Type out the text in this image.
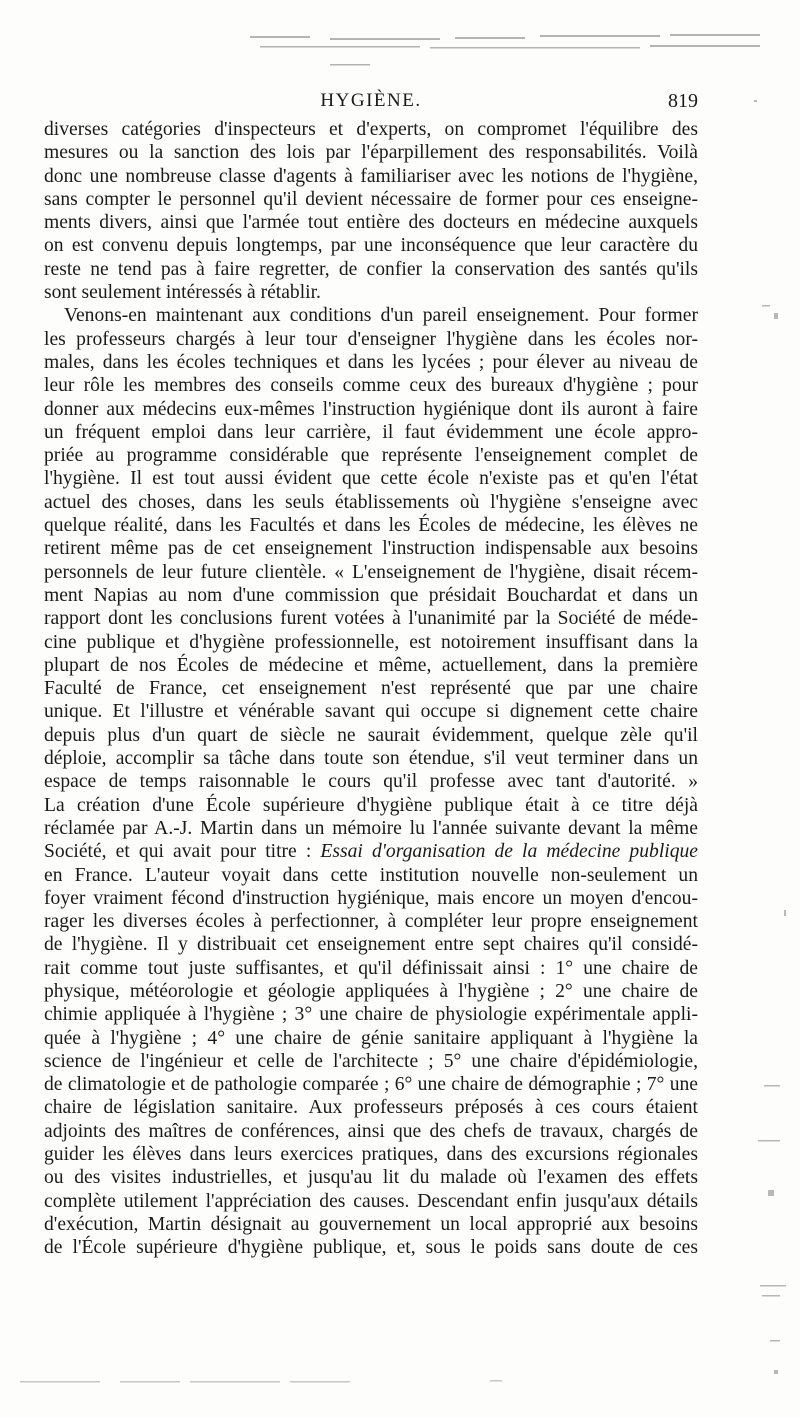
HYGIÈNE.	819
diverses catégories d'inspecteurs et d'experts, on compromet l'équilibre des
mesures ou la sanction des lois par l'éparpillement des responsabilités. Voilà
donc une nombreuse classe d'agents à familiariser avec les notions de l'hygiène,
sans compter le personnel qu'il devient nécessaire de former pour ces enseigne-
ments divers, ainsi que l'armée tout entière des docteurs en médecine auxquels
on est convenu depuis longtemps, par une inconséquence que leur caractère du
reste ne tend pas à faire regretter, de confier la conservation des santés qu'ils
sont seulement intéressés à rétablir.
Venons-en maintenant aux conditions d'un pareil enseignement. Pour former
les professeurs chargés à leur tour d'enseigner l'hygiène dans les écoles nor-
males, dans les écoles techniques et dans les lycées ; pour élever au niveau de
leur rôle les membres des conseils comme ceux des bureaux d'hygiène ; pour
donner aux médecins eux-mêmes l'instruction hygiénique dont ils auront à faire
un fréquent emploi dans leur carrière, il faut évidemment une école appro-
priée au programme considérable que représente l'enseignement complet de
l'hygiène. Il est tout aussi évident que cette école n'existe pas et qu'en l'état
actuel des choses, dans les seuls établissements où l'hygiène s'enseigne avec
quelque réalité, dans les Facultés et dans les Écoles de médecine, les élèves ne
retirent même pas de cet enseignement l'instruction indispensable aux besoins
personnels de leur future clientèle. « L'enseignement de l'hygiène, disait récem-
ment Napias au nom d'une commission que présidait Bouchardat et dans un
rapport dont les conclusions furent votées à l'unanimité par la Société de méde-
cine publique et d'hygiène professionnelle, est notoirement insuffisant dans la
plupart de nos Écoles de médecine et même, actuellement, dans la première
Faculté de France, cet enseignement n'est représenté que par une chaire
unique. Et l'illustre et vénérable savant qui occupe si dignement cette chaire
depuis plus d'un quart de siècle ne saurait évidemment, quelque zèle qu'il
déploie, accomplir sa tâche dans toute son étendue, s'il veut terminer dans un
espace de temps raisonnable le cours qu'il professe avec tant d'autorité. »
La création d'une École supérieure d'hygiène publique était à ce titre déjà
réclamée par A.-J. Martin dans un mémoire lu l'année suivante devant la même
Société, et qui avait pour titre : Essai d'organisation de la médecine publique
en France. L'auteur voyait dans cette institution nouvelle non-seulement un
foyer vraiment fécond d'instruction hygiénique, mais encore un moyen d'encou-
rager les diverses écoles à perfectionner, à compléter leur propre enseignement
de l'hygiène. Il y distribuait cet enseignement entre sept chaires qu'il considé-
rait comme tout juste suffisantes, et qu'il définissait ainsi : 1° une chaire de
physique, météorologie et géologie appliquées à l'hygiène ; 2° une chaire de
chimie appliquée à l'hygiène ; 3° une chaire de physiologie expérimentale appli-
quée à l'hygiène ; 4° une chaire de génie sanitaire appliquant à l'hygiène la
science de l'ingénieur et celle de l'architecte ; 5° une chaire d'épidémiologie,
de climatologie et de pathologie comparée ; 6° une chaire de démographie ; 7° une
chaire de législation sanitaire. Aux professeurs préposés à ces cours étaient
adjoints des maîtres de conférences, ainsi que des chefs de travaux, chargés de
guider les élèves dans leurs exercices pratiques, dans des excursions régionales
ou des visites industrielles, et jusqu'au lit du malade où l'examen des effets
complète utilement l'appréciation des causes. Descendant enfin jusqu'aux détails
d'exécution, Martin désignait au gouvernement un local approprié aux besoins
de l'École supérieure d'hygiène publique, et, sous le poids sans doute de ces
